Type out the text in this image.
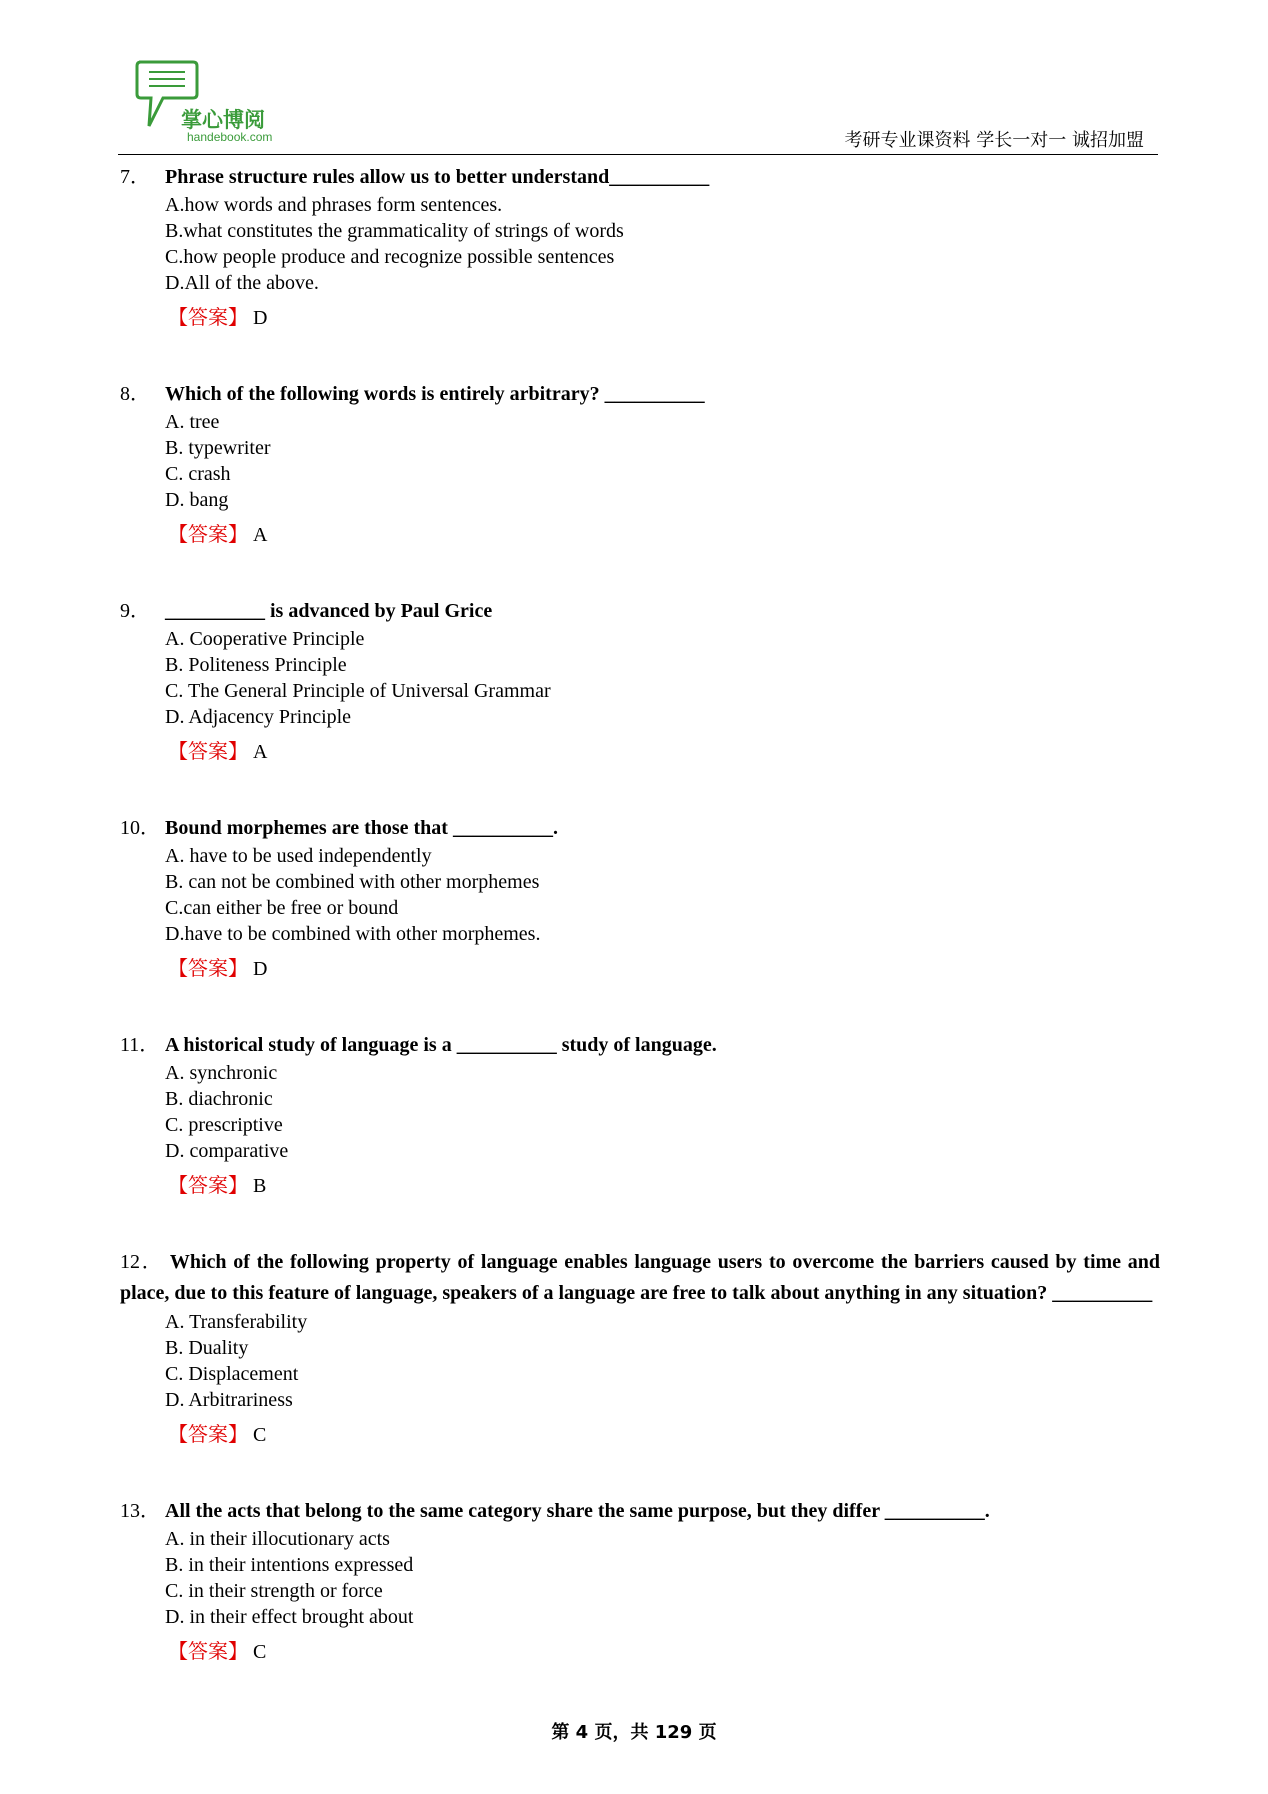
掌心博阅
handebook.com	考研专业课资料 学长一对一 诚招加盟
7． Phrase structure rules allow us to better understand__________
A.how words and phrases form sentences.
B.what constitutes the grammaticality of strings of words
C.how people produce and recognize possible sentences
D.All of the above.
【答案】 D
8． Which of the following words is entirely arbitrary? __________
A. tree
B. typewriter
C. crash
D. bang
【答案】 A
9． __________ is advanced by Paul Grice
A. Cooperative Principle
B. Politeness Principle
C. The General Principle of Universal Grammar
D. Adjacency Principle
【答案】 A
10． Bound morphemes are those that __________.
A. have to be used independently
B. can not be combined with other morphemes
C.can either be free or bound
D.have to be combined with other morphemes.
【答案】 D
11． A historical study of language is a __________ study of language.
A. synchronic
B. diachronic
C. prescriptive
D. comparative
【答案】 B
12． Which of the following property of language enables language users to overcome the barriers caused by time and place, due to this feature of language, speakers of a language are free to talk about anything in any situation? __________
A. Transferability
B. Duality
C. Displacement
D. Arbitrariness
【答案】 C
13． All the acts that belong to the same category share the same purpose, but they differ __________.
A. in their illocutionary acts
B. in their intentions expressed
C. in their strength or force
D. in their effect brought about
【答案】 C
第 4 页，共 129 页
